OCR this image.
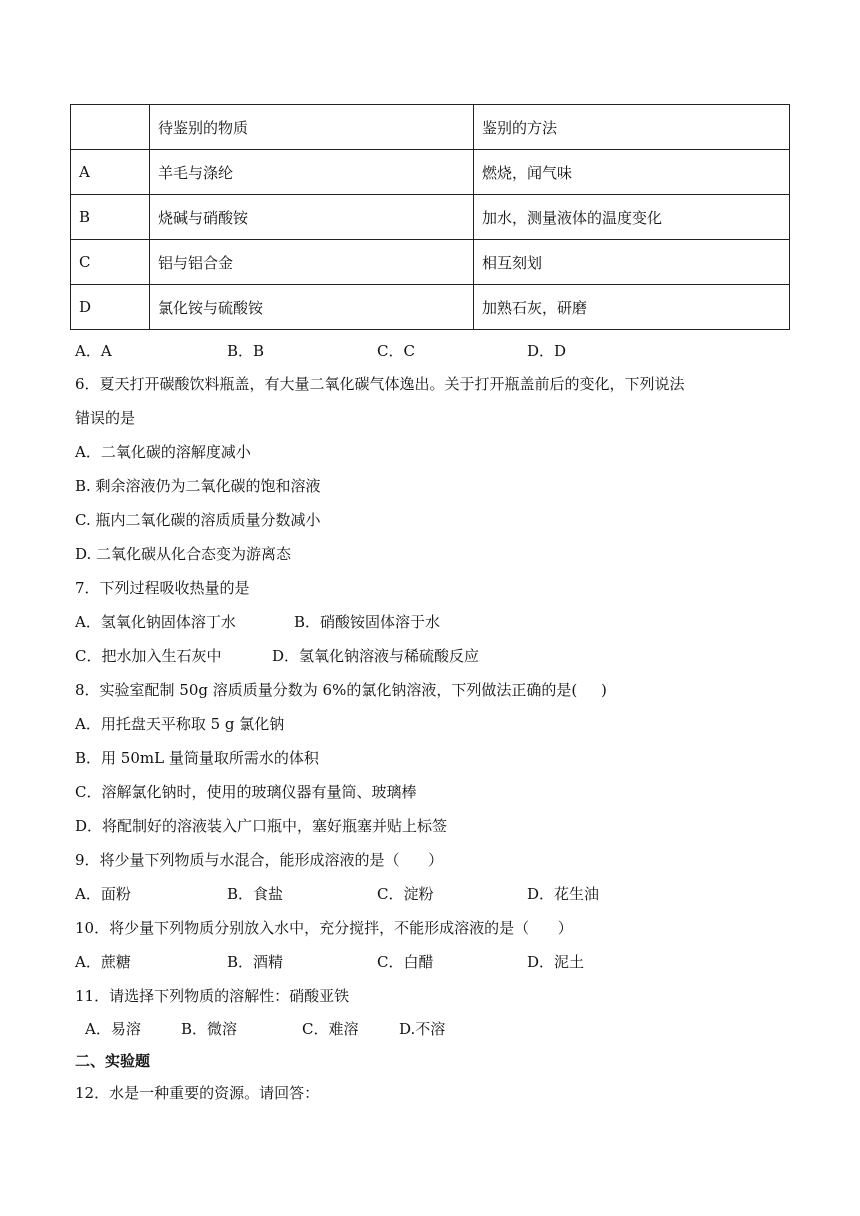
	待鉴别的物质	鉴别的方法
A	羊毛与涤纶	燃烧，闻气味
B	烧碱与硝酸铵	加水，测量液体的温度变化
C	铝与铝合金	相互刻划
D	氯化铵与硫酸铵	加熟石灰，研磨
A．A	B．B	C．C	D．D
6．夏天打开碳酸饮料瓶盖，有大量二氧化碳气体逸出。关于打开瓶盖前后的变化，下列说法
错误的是
A．二氧化碳的溶解度减小
B. 剩余溶液仍为二氧化碳的饱和溶液
C. 瓶内二氧化碳的溶质质量分数减小
D. 二氧化碳从化合态变为游离态
7．下列过程吸收热量的是
A．氢氧化钠固体溶丁水	B．硝酸铵固体溶于水
C．把水加入生石灰中	D．氢氧化钠溶液与稀硫酸反应
8．实验室配制 50g 溶质质量分数为 6%的氯化钠溶液，下列做法正确的是(     )
A．用托盘天平称取 5 g 氯化钠
B．用 50mL 量筒量取所需水的体积
C．溶解氯化钠时，使用的玻璃仪器有量筒、玻璃棒
D．将配制好的溶液装入广口瓶中，塞好瓶塞并贴上标签
9．将少量下列物质与水混合，能形成溶液的是（      ）
A．面粉	B．食盐	C．淀粉	D．花生油
10．将少量下列物质分别放入水中，充分搅拌，不能形成溶液的是（      ）
A．蔗糖	B．酒精	C．白醋	D．泥土
11．请选择下列物质的溶解性：硝酸亚铁
A．易溶	B．微溶	C．难溶	D.不溶
二、实验题
12．水是一种重要的资源。请回答：
